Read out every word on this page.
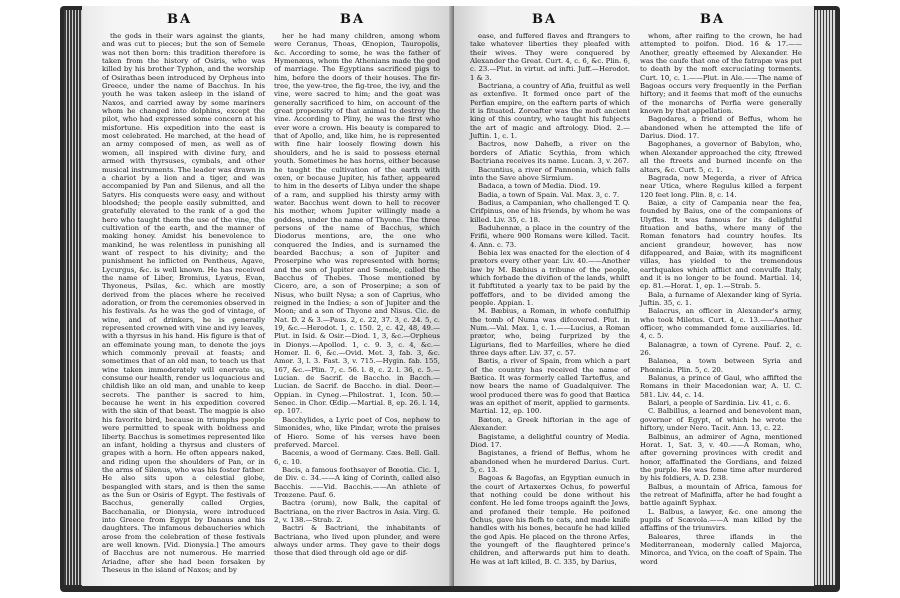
BA	BA

the gods in their wars against the giants, and was cut to pieces; but the son of Semele was not then born: this tradition therefore is taken from the history of Osiris, who was killed by his brother Typhon, and the worship of Osirathas been introduced by Orpheus into Greece, under the name of Bacchus. In his youth he was taken asleep in the island of Naxos, and carried away by some mariners whom he changed into dolphins, except the pilot, who had expressed some concern at his misfortune. His expedition into the east is most celebrated. He marched, at the head of an army composed of men, as well as of women, all inspired with divine fury, and armed with thyrsuses, cymbals, and other musical instruments. The leader was drawn in a chariot by a lion and a tiger, and was accompanied by Pan and Silenus, and all the Satyrs. His conquests were easy, and without bloodshed; the people easily submitted, and gratefully elevated to the rank of a god the hero who taught them the use of the vine, the cultivation of the earth, and the manner of making honey. Amidst his benevolence to mankind, he was relentless in punishing all want of respect to his divinity; and the punishment he inflicted on Pentheus, Agave, Lycurgus, &c. is well known. He has received the name of Liber, Bromius, Lyæus, Evan, Thyoneus, Psilas, &c. which are mostly derived from the places where he received adoration, or from the ceremonies observed in his festivals. As he was the god of vintage, of wine, and of drinkers, he is generally represented crowned with vine and ivy leaves, with a thyrsus in his hand. His figure is that of an effeminate young man, to denote the joys which commonly prevail at feasts; and sometimes that of an old man, to teach us that wine taken immoderately will enervate us, consume our health, render us loquacious and childish like an old man, and unable to keep secrets. The panther is sacred to him, because he went in his expedition covered with the skin of that beast. The magpie is also his favorite bird, because in triumphs people were permitted to speak with boldness and liberty. Bacchus is sometimes represented like an infant, holding a thyrsus and clusters of grapes with a horn. He often appears naked, and riding upon the shoulders of Pan, or in the arms of Silenus, who was his foster father. He also sits upon a celestial globe, bespangled with stars, and is then the same as the Sun or Osiris of Egypt. The festivals of Bacchus, generally called Orgies, Bacchanalia, or Dionysia, were introduced into Greece from Egypt by Danaus and his daughters. The infamous debaucheries which arose from the celebration of these festivals are well known. [Vid. Dionysia.] The amours of Bacchus are not numerous. He married Ariadne, after she had been forsaken by Theseus in the island of Naxos; and by

her he had many children, among whom were Ceranus, Thoas, Œnopion, Tauropolis, &c. According to some, he was the father of Hymenæus, whom the Athenians made the god of marriage. The Egyptians sacrificed pigs to him, before the doors of their houses. The fir-tree, the yew-tree, the fig-tree, the ivy, and the vine, were sacred to him; and the goat was generally sacrificed to him, on account of the great propensity of that animal to destroy the vine. According to Pliny, he was the first who ever wore a crown. His beauty is compared to that of Apollo, and, like him, he is represented with fine hair loosely flowing down his shoulders, and he is said to possess eternal youth. Sometimes he has horns, either because he taught the cultivation of the earth with oxen, or because Jupiter, his father, appeared to him in the deserts of Libya under the shape of a ram, and supplied his thirsty army with water. Bacchus went down to hell to recover his mother, whom Jupiter willingly made a goddess, under the name of Thyone. The three persons of the name of Bacchus, which Diodorus mentions, are, the one who conquered the Indies, and is surnamed the bearded Bacchus; a son of Jupiter and Proserpine who was represented with horns; and the son of Jupiter and Semele, called the Bacchus of Thebes. Those mentioned by Cicero, are, a son of Proserpine; a son of Nisus, who built Nysa; a son of Caprius, who reigned in the Indies; a son of Jupiter and the Moon; and a son of Thyone and Nisus. Cic. de Nat. D. 2 & 3.—Paus. 2, c. 22, 37. 3, c. 24. 5, c. 19, &c.—Herodot. 1, c. 150. 2, c. 42, 48, 49.—Plut. in Isid. & Osir.—Diod. 1, 3, &c.—Orpheus in Dionys.—Apollod. 1, c. 9. 3, c. 4, &c.—Homer. Il. 6, &c.—Ovid. Met. 3, fab. 3, &c. Amor. 3, l. 3. Fast. 3, v. 715.—Hygin. fab. 155, 167, &c.—Plin. 7, c. 56. l. 8, c. 2. l. 36, c. 5.—Lucian. de Sacrif. de Baccho. in Bacch.—Lucian. de Sacrif. de Baccho. in dial. Deor.—Oppian. in Cyneg.—Philostrat. 1, Icon. 50.—Senec. in Chor. Œdip.—Martial. 8, ep. 26. l. 14, ep. 107.

Bacchylides, a Lyric poet of Cos, nephew to Simonides, who, like Pindar, wrote the praises of Hiero. Some of his verses have been preferved. Marcel.

Bacenis, a wood of Germany. Cæs. Bell. Gall. 6, c. 10.

Bacis, a famous foothsayer of Bœotia. Cic. 1, de Div. c. 34.——A king of Corinth, called also Bacchis. ——Vid. Bacchis.——An athlete of Trœzene. Pauf. 6.

Bactra (orum), now Balk, the capital of Bactriana, on the river Bactros in Asia. Virg. G. 2, v. 138.—Strab. 2.

Bactri & Bactriani, the inhabitants of Bactriana, who lived upon plunder, and were always under arms. They gave to their dogs those that died through old age or dif-

BA	BA

ease, and fuffered flaves and ftrangers to take whatever liberties they pleafed with their wives. They were conquered by Alexander the Great. Curt. 4, c. 6, &c. Plin. 6, c. 23.—Plut. in virtut. ad infti. Juff.—Herodot. 1 & 3.

Bactriana, a country of Afia, fruitful as well as extenfive. It formed once part of the Perfian empire, on the eaftern parts of which it is fituated. Zoroafter was the moft ancient king of this country, who taught his fubjects the art of magic and aftrology. Diod. 2.—Juftin. 1, c. 1.

Bactros, now Dahefb, a river on the borders of Afiatic Scythia, from which Bactriana receives its name. Lucan. 3, v. 267.

Bacuntius, a river of Pannonia, which falls into the Save above Sirmium.

Badaca, a town of Media. Diod. 19.

Badia, a town of Spain. Val. Max. 3, c. 7.

Badius, a Campanian, who challenged T. Q. Crifpinus, one of his friends, by whom he was killed. Liv. 35, c. 18.

Baduhennæ, a place in the country of the Frifii, where 900 Romans were killed. Tacit. 4. Ann. c. 73.

Bebia lex was enacted for the election of 4 prætors every other year. Liv. 40.——Another law by M. Bæbius a tribune of the people, which forbade the divifion of the lands, whilft it fubftituted a yearly tax to be paid by the poffeffors, and to be divided among the people. Appian. 1.

M. Bæbius, a Roman, in whofe confulfhip the tomb of Numa was difcovered. Plut. in Num.—Val. Max. 1, c. 1.——Lucius, a Roman prætor, who, being furprized by the Ligurians, fled to Marfeilles, where he died three days after. Liv. 37, c. 57.

Bætis, a river of Spain, from which a part of the country has received the name of Bætica. It was formerly called Tarteffus, and now bears the name of Guadalquiver. The wool produced there was fo good that Bætica was an epithet of merit, applied to garments. Martial. 12, ep. 100.

Bæton, a Greek hiftorian in the age of Alexander.

Bagistame, a delightful country of Media. Diod. 17.

Bagistanes, a friend of Beffus, whom he abandoned when he murdered Darius. Curt. 5, c. 13.

Bagoas & Bagofas, an Egyptian eunuch in the court of Artaxerxes Ochus, fo powerful that nothing could be done without his confent. He led fome troops againft the Jews, and profaned their temple. He poifoned Ochus, gave his flefh to cats, and made knife handles with his bones, becaufe he had killed the god Apis. He placed on the throne Arfes, the youngeft of the flaughtered prince's children, and afterwards put him to death. He was at laft killed, B. C. 335, by Darius,

whom, after raifing to the crown, he had attempted to poifon. Diod. 16 & 17.——Another, greatly efteemed by Alexander. He was the caufe that one of the fatrapæ was put to death by the moft excruciating torments. Curt. 10, c. 1.——Plut. in Ale.——The name of Bagoas occurs very frequently in the Perfian hiftory; and it feems that moft of the eunuchs of the monarchs of Perfia were generally known by that appellation.

Bagodares, a friend of Beffus, whom he abandoned when he attempted the life of Darius. Diod. 17.

Bagophanes, a governor of Babylon, who, when Alexander approached the city, ftrewed all the ftreets and burned incenfe on the altars, &c. Curt. 5, c. 1.

Bagrada, now Megerda, a river of Africa near Utica, where Regulus killed a ferpent 120 feet long. Plin. 8, c. 14.

Baiæ, a city of Campania near the fea, founded by Baius, one of the companions of Ulyffes. It was famous for its delightful fituation and baths, where many of the Roman fenators had country houfes. Its ancient grandeur, however, has now difappeared, and Baiæ, with its magnificent villas, has yielded to the tremendous earthquakes which afflict and convulfe Italy, and it is no longer to be found. Martial. 14, ep. 81.—Horat. 1, ep. 1.—Strab. 5.

Bala, a furname of Alexander king of Syria. Juftin. 35, c. 1.

Balacrus, an officer in Alexander's army, who took Miletus. Curt. 4, c. 13.——Another officer, who commanded fome auxiliaries. Id. 4, c. 5.

Balanagræ, a town of Cyrene. Pauf. 2, c. 26.

Balanea, a town between Syria and Phœnicia. Plin. 5, c. 20.

Balanus, a prince of Gaul, who affifted the Romans in their Macedonian war, A. U. C. 581. Liv. 44, c. 14.

Balari, a people of Sardinia. Liv. 41, c. 6.

C. Balbillus, a learned and benevolent man, governor of Egypt, of which he wrote the hiftory, under Nero. Tacit. Ann. 13, c. 22.

Balbinus, an admirer of Agna, mentioned Horat. 1, Sat. 3, v. 40.——A Roman, who, after governing provinces with credit and honor, affaffinated the Gordians, and feized the purple. He was fome time after murdered by his foldiers, A. D. 238.

Balbus, a mountain of Africa, famous for the retreat of Mafiniffa, after he had fought a battle againft Syphax.

L. Balbus, a lawyer, &c. one among the pupils of Scævola.——A man killed by the affaffins of the triumvirs.

Baleares, three iflands in the Mediterranean, modernly called Majorca, Minorca, and Yvica, on the coaft of Spain. The word
